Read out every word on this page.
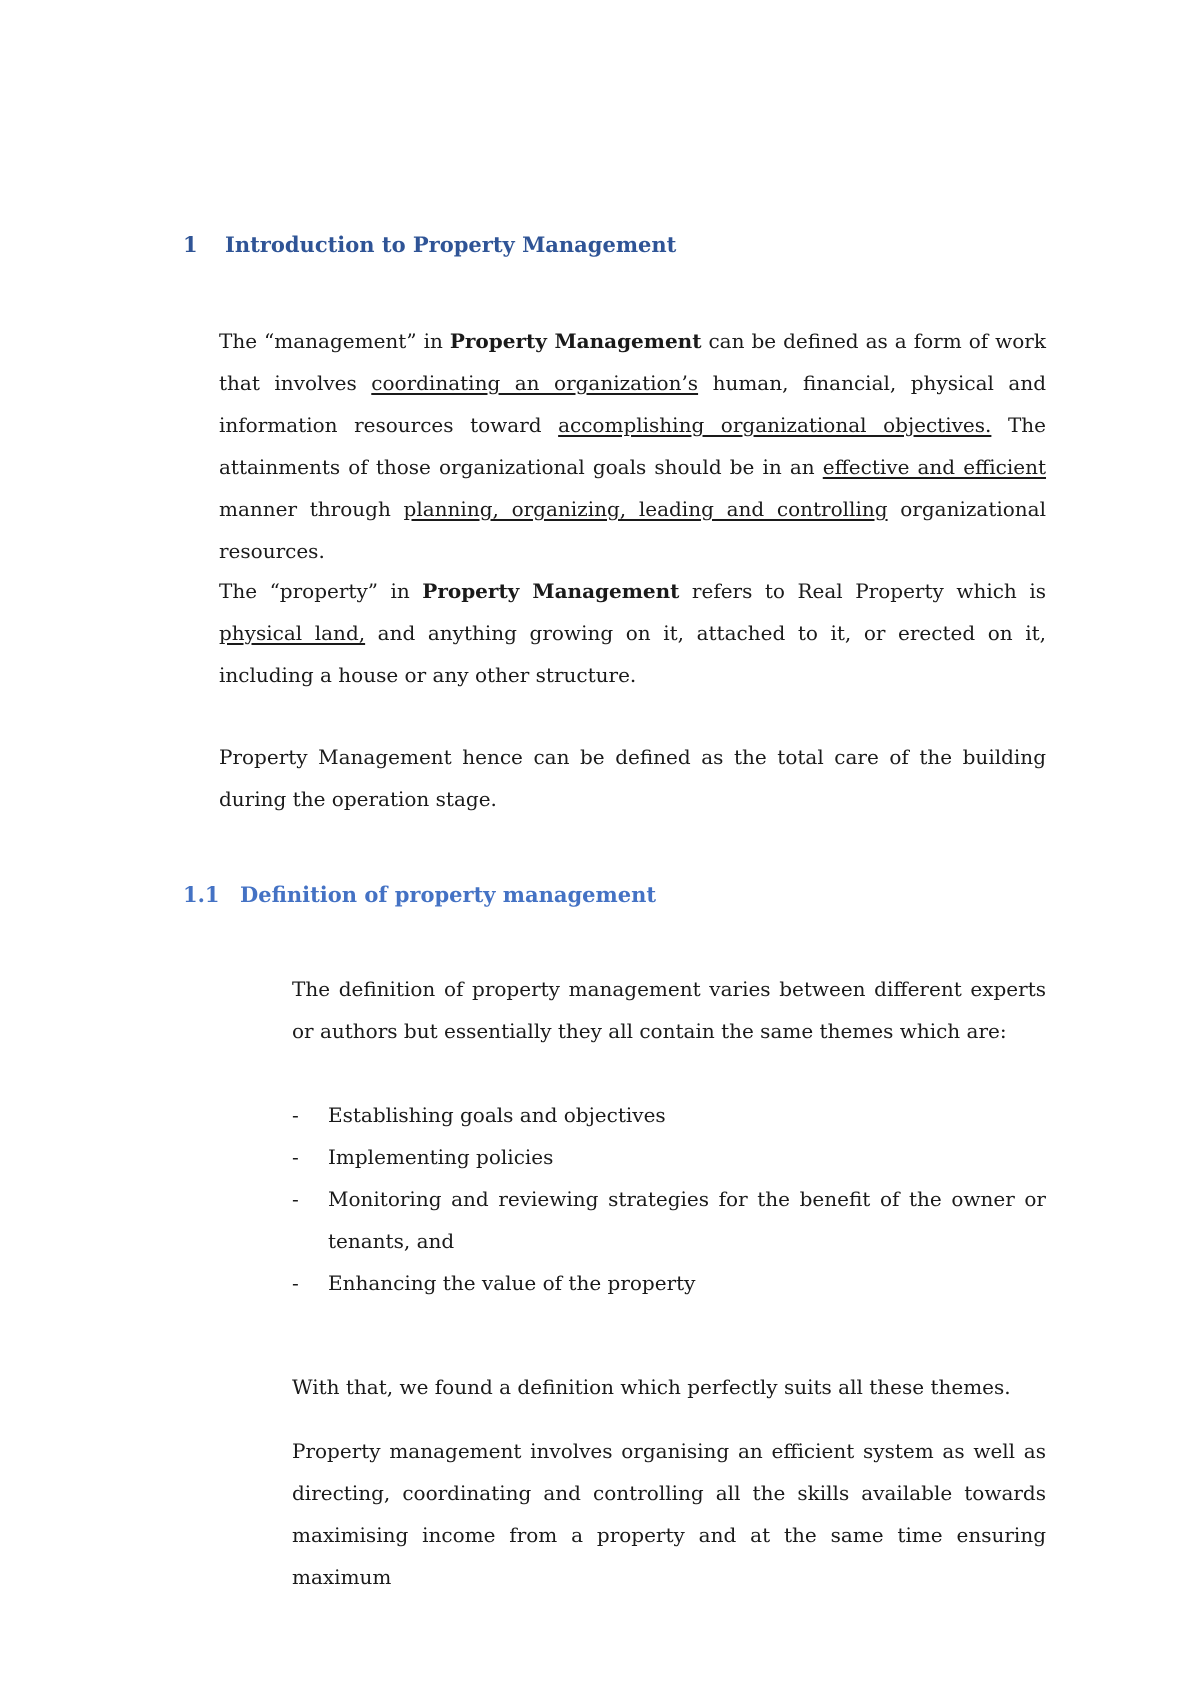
1	Introduction to Property Management

The “management” in Property Management can be defined as a form of work that involves coordinating an organization’s human, financial, physical and information resources toward accomplishing organizational objectives. The attainments of those organizational goals should be in an effective and efficient manner through planning, organizing, leading and controlling organizational resources.

The “property” in Property Management refers to Real Property which is physical land, and anything growing on it, attached to it, or erected on it, including a house or any other structure.

Property Management hence can be defined as the total care of the building during the operation stage.

1.1 Definition of property management

The definition of property management varies between different experts or authors but essentially they all contain the same themes which are:

-	Establishing goals and objectives
-	Implementing policies
-	Monitoring and reviewing strategies for the benefit of the owner or tenants, and
-	Enhancing the value of the property

With that, we found a definition which perfectly suits all these themes.

Property management involves organising an efficient system as well as directing, coordinating and controlling all the skills available towards maximising income from a property and at the same time ensuring maximum
